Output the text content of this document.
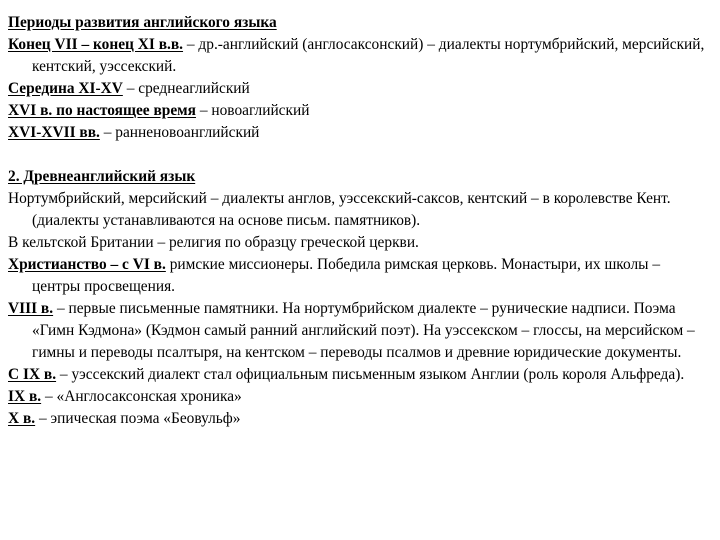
Периоды развития английского языка

Конец VII – конец XI в.в. – др.-английский (англосаксонский) – диалекты нортумбрийский, мерсийский, кентский, уэссекский.

Середина XI-XV – среднеаглийский

XVI в. по настоящее время – новоаглийский

XVI-XVII вв. – ранненовоанглийский

2. Древнеанглийский язык

Нортумбрийский, мерсийский – диалекты англов, уэссекский-саксов, кентский – в королевстве Кент. (диалекты устанавливаются на основе письм. памятников).

В кельтской Британии – религия по образцу греческой церкви.

Христианство – с VI в. римские миссионеры. Победила римская церковь. Монастыри, их школы – центры просвещения.

VIII в. – первые письменные памятники. На нортумбрийском диалекте – рунические надписи. Поэма «Гимн Кэдмона» (Кэдмон самый ранний английский поэт). На уэссекском – глоссы, на мерсийском – гимны и переводы псалтыря, на кентском – переводы псалмов и древние юридические документы.

С IX в. – уэссекский диалект стал официальным письменным языком Англии (роль короля Альфреда).

IX в. – «Англосаксонская хроника»

X в. – эпическая поэма «Беовульф»
